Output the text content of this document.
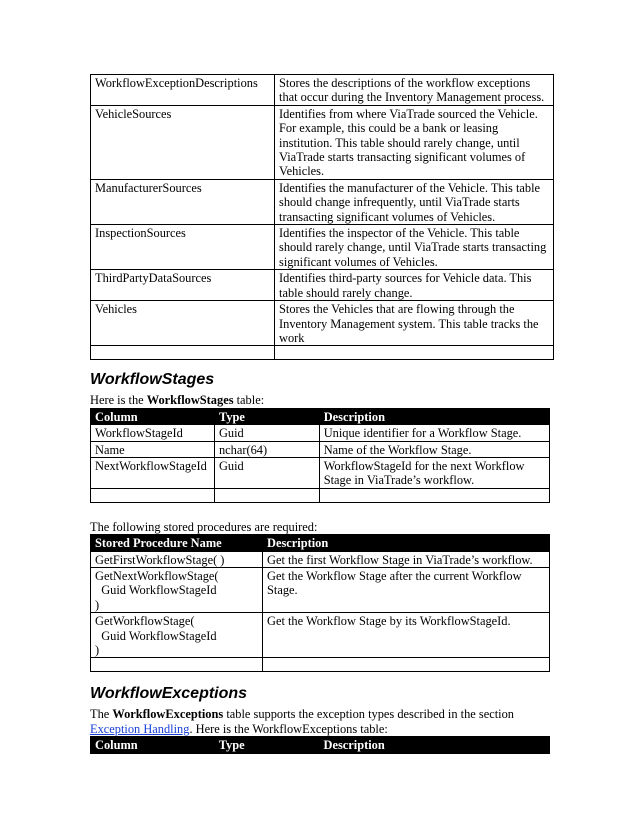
WorkflowExceptionDescriptions	Stores the descriptions of the workflow exceptions that occur during the Inventory Management process.
VehicleSources	Identifies from where ViaTrade sourced the Vehicle. For example, this could be a bank or leasing institution. This table should rarely change, until ViaTrade starts transacting significant volumes of Vehicles.
ManufacturerSources	Identifies the manufacturer of the Vehicle. This table should change infrequently, until ViaTrade starts transacting significant volumes of Vehicles.
InspectionSources	Identifies the inspector of the Vehicle. This table should rarely change, until ViaTrade starts transacting significant volumes of Vehicles.
ThirdPartyDataSources	Identifies third-party sources for Vehicle data. This table should rarely change.
Vehicles	Stores the Vehicles that are flowing through the Inventory Management system. This table tracks the work

WorkflowStages

Here is the WorkflowStages table:

Column	Type	Description
WorkflowStageId	Guid	Unique identifier for a Workflow Stage.
Name	nchar(64)	Name of the Workflow Stage.
NextWorkflowStageId	Guid	WorkflowStageId for the next Workflow Stage in ViaTrade’s workflow.

The following stored procedures are required:

Stored Procedure Name	Description
GetFirstWorkflowStage( )	Get the first Workflow Stage in ViaTrade’s workflow.
GetNextWorkflowStage(
Guid WorkflowStageId
)	Get the Workflow Stage after the current Workflow Stage.
GetWorkflowStage(
Guid WorkflowStageId
)	Get the Workflow Stage by its WorkflowStageId.

WorkflowExceptions

The WorkflowExceptions table supports the exception types described in the section Exception Handling. Here is the WorkflowExceptions table:

Column	Type	Description
